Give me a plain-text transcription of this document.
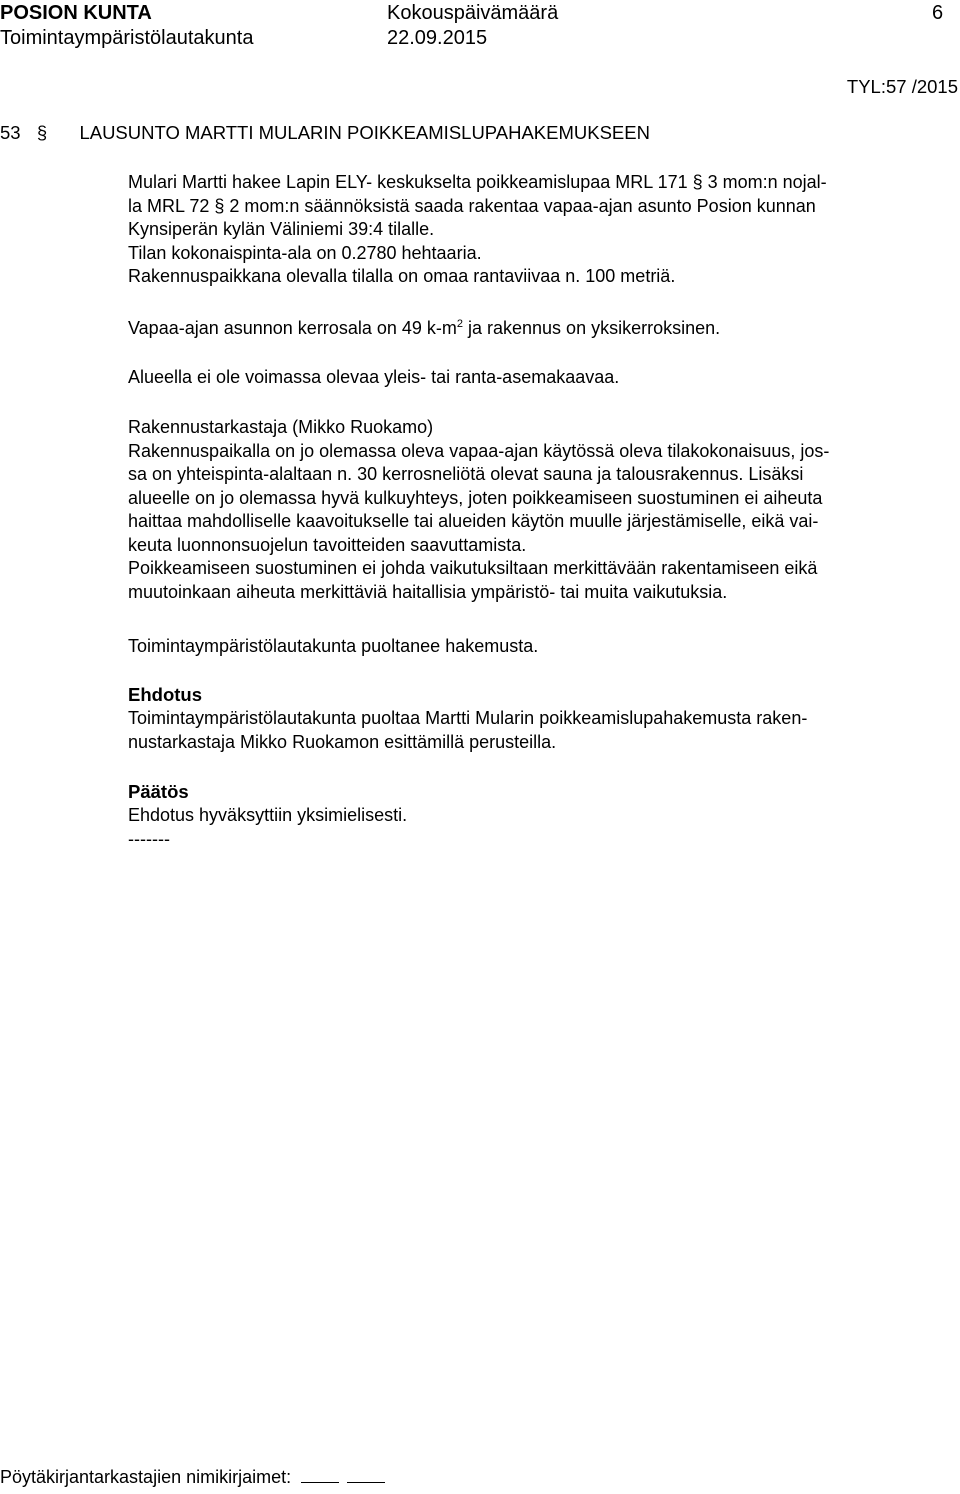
POSION KUNTA	Kokouspäivämäärä	6
Toimintaympäristölautakunta	22.09.2015
TYL:57 /2015
53 § LAUSUNTO MARTTI MULARIN POIKKEAMISLUPAHAKEMUKSEEN
Mulari Martti hakee Lapin ELY- keskukselta poikkeamislupaa MRL 171 § 3 mom:n nojal-
la MRL 72 § 2 mom:n säännöksistä saada rakentaa vapaa-ajan asunto Posion kunnan
Kynsiperän kylän Väliniemi 39:4 tilalle.
Tilan kokonaispinta-ala on 0.2780 hehtaaria.
Rakennuspaikkana olevalla tilalla on omaa rantaviivaa n. 100 metriä.
Vapaa-ajan asunnon kerrosala on 49 $k-m^2$ ja rakennus on yksikerroksinen.
Alueella ei ole voimassa olevaa yleis- tai ranta-asemakaavaa.
Rakennustarkastaja (Mikko Ruokamo)
Rakennuspaikalla on jo olemassa oleva vapaa-ajan käytössä oleva tilakokonaisuus, jos-
sa on yhteispinta-alaltaan n. 30 kerrosneliötä olevat sauna ja talousrakennus. Lisäksi
alueelle on jo olemassa hyvä kulkuyhteys, joten poikkeamiseen suostuminen ei aiheuta
haittaa mahdolliselle kaavoitukselle tai alueiden käytön muulle järjestämiselle, eikä vai-
keuta luonnonsuojelun tavoitteiden saavuttamista.
Poikkeamiseen suostuminen ei johda vaikutuksiltaan merkittävään rakentamiseen eikä
muutoinkaan aiheuta merkittäviä haitallisia ympäristö- tai muita vaikutuksia.
Toimintaympäristölautakunta puoltanee hakemusta.
Ehdotus
Toimintaympäristölautakunta puoltaa Martti Mularin poikkeamislupahakemusta raken-
nustarkastaja Mikko Ruokamon esittämillä perusteilla.
Päätös
Ehdotus hyväksyttiin yksimielisesti.
-------
Pöytäkirjantarkastajien nimikirjaimet:
